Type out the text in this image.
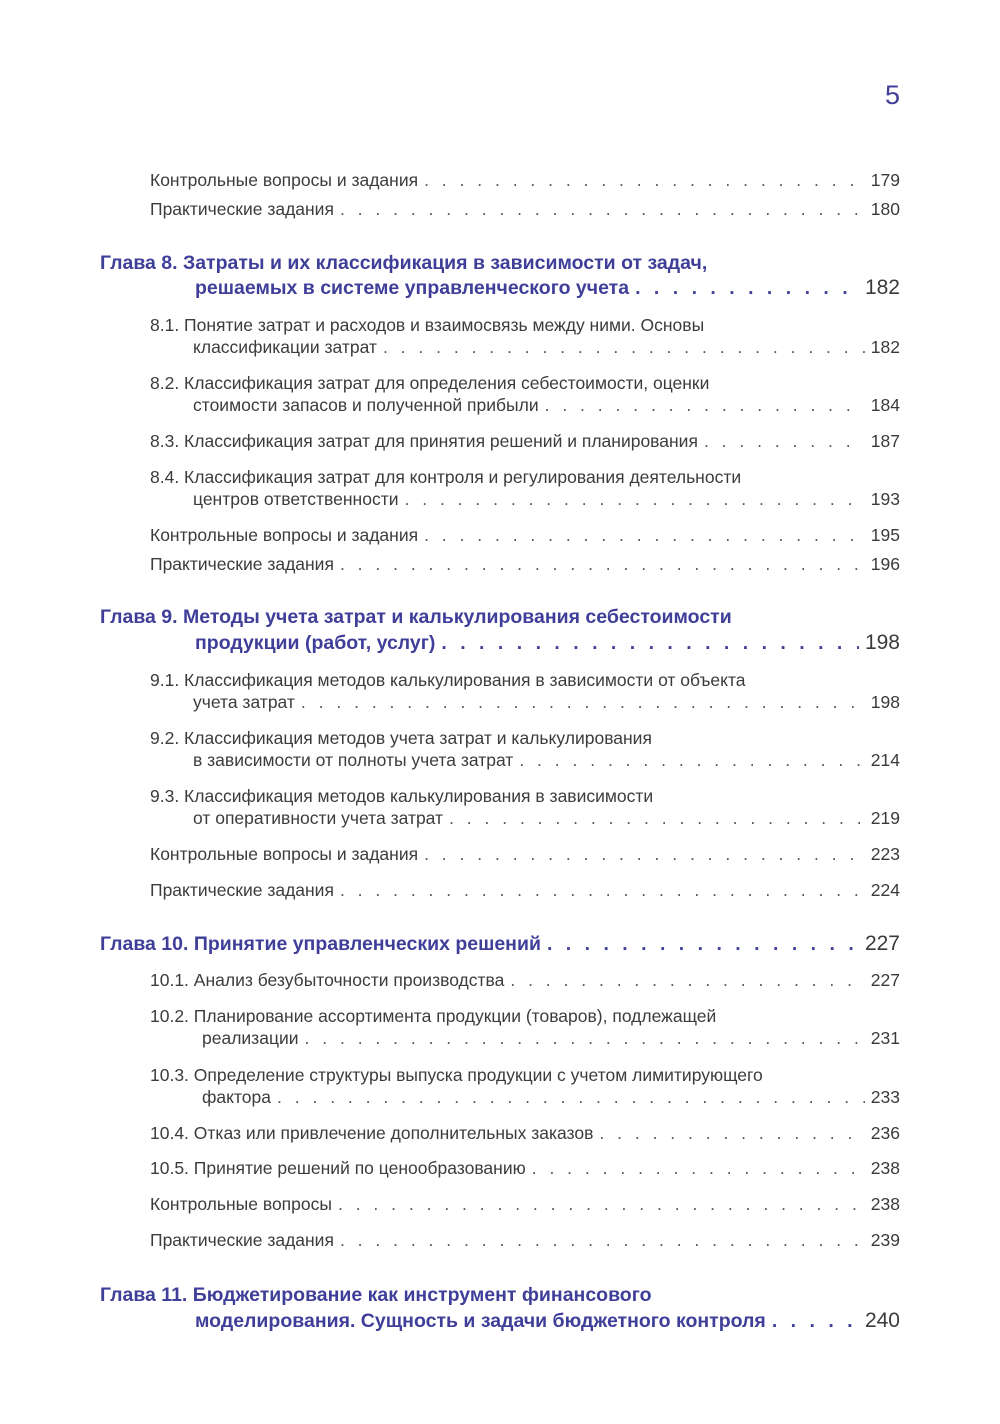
5
Контрольные вопросы и задания . . .	179
Практические задания . . .	180
Глава 8. Затраты и их классификация в зависимости от задач,
решаемых в системе управленческого учета . . .	182
8.1. Понятие затрат и расходов и взаимосвязь между ними. Основы
классификации затрат . . .	182
8.2. Классификация затрат для определения себестоимости, оценки
стоимости запасов и полученной прибыли . . .	184
8.3. Классификация затрат для принятия решений и планирования . . .	187
8.4. Классификация затрат для контроля и регулирования деятельности
центров ответственности . . .	193
Контрольные вопросы и задания . . .	195
Практические задания . . .	196
Глава 9. Методы учета затрат и калькулирования себестоимости
продукции (работ, услуг) . . .	198
9.1. Классификация методов калькулирования в зависимости от объекта
учета затрат . . .	198
9.2. Классификация методов учета затрат и калькулирования
в зависимости от полноты учета затрат . . .	214
9.3. Классификация методов калькулирования в зависимости
от оперативности учета затрат . . .	219
Контрольные вопросы и задания . . .	223
Практические задания . . .	224
Глава 10. Принятие управленческих решений . . .	227
10.1. Анализ безубыточности производства . . .	227
10.2. Планирование ассортимента продукции (товаров), подлежащей
реализации . . .	231
10.3. Определение структуры выпуска продукции с учетом лимитирующего
фактора . . .	233
10.4. Отказ или привлечение дополнительных заказов . . .	236
10.5. Принятие решений по ценообразованию . . .	238
Контрольные вопросы . . .	238
Практические задания . . .	239
Глава 11. Бюджетирование как инструмент финансового
моделирования. Сущность и задачи бюджетного контроля . . .	240
